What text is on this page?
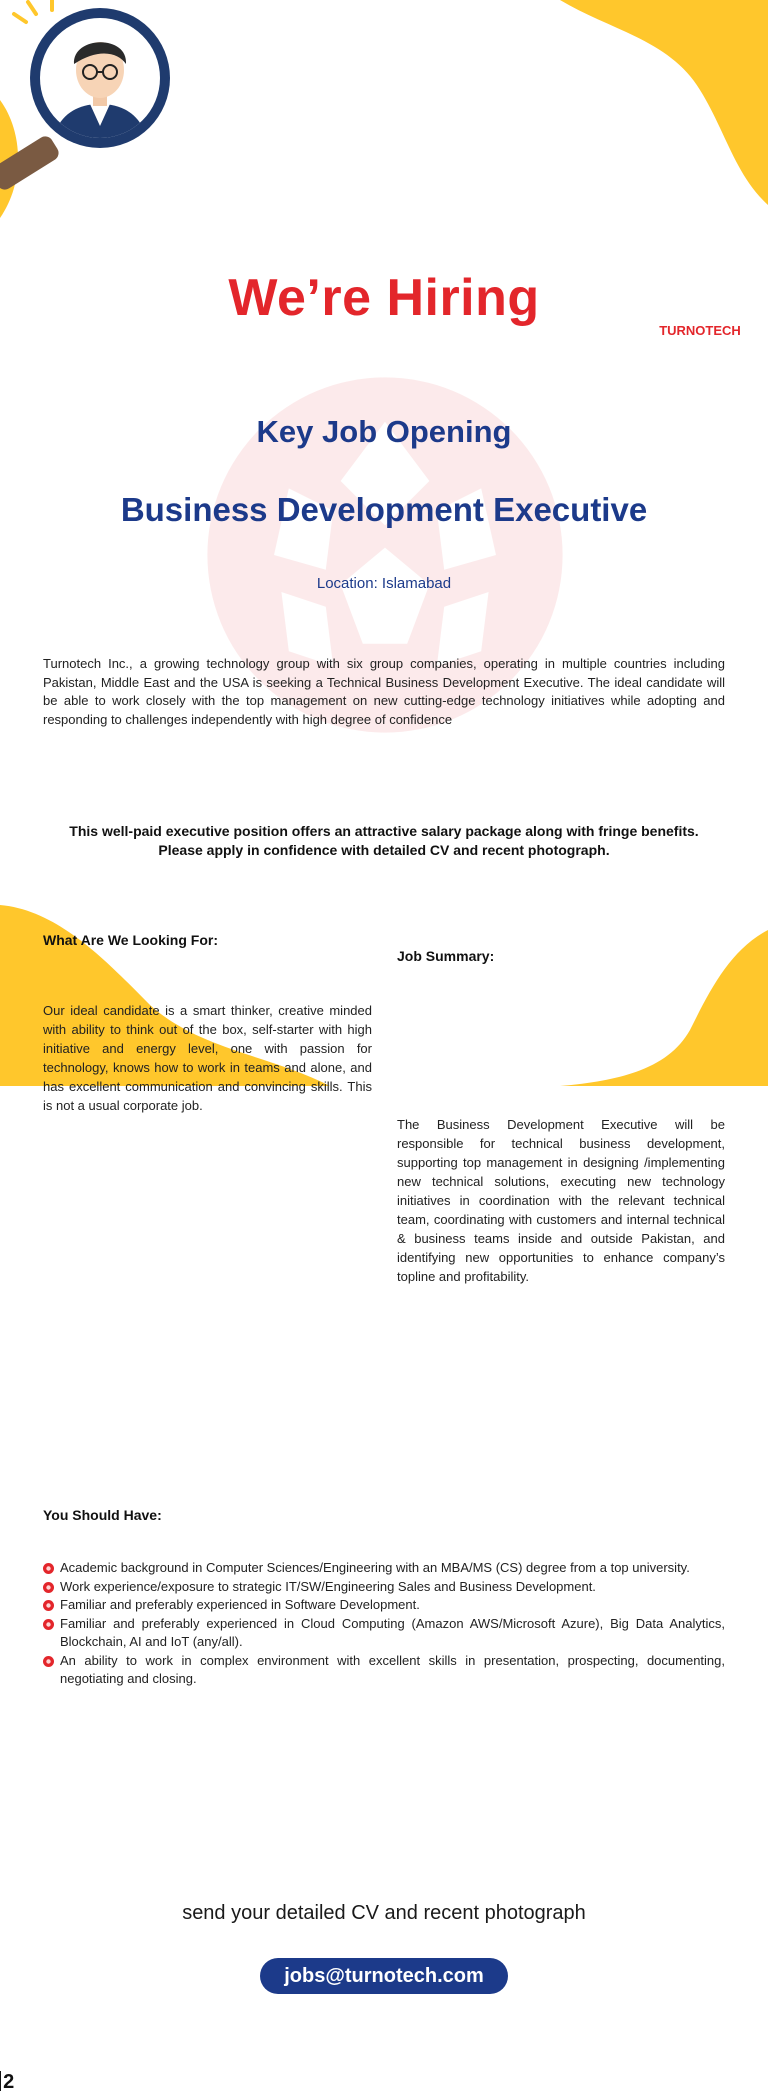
TURNOTECH
We’re Hiring
Key Job Opening
Business Development Executive
Location: Islamabad
Turnotech Inc., a growing technology group with six group companies, operating in multiple countries including Pakistan, Middle East and the USA is seeking a Technical Business Development Executive. The ideal candidate will be able to work closely with the top management on new cutting-edge technology initiatives while adopting and responding to challenges independently with high degree of confidence
This well-paid executive position offers an attractive salary package along with fringe benefits.
Please apply in confidence with detailed CV and recent photograph.
What Are We Looking For:
Job Summary:
Our ideal candidate is a smart thinker, creative minded with ability to think out of the box, self-starter with high initiative and energy level, one with passion for technology, knows how to work in teams and alone, and has excellent communication and convincing skills. This is not a usual corporate job.
The Business Development Executive will be responsible for technical business development, supporting top management in designing /implementing new technical solutions, executing new technology initiatives in coordination with the relevant technical team, coordinating with customers and internal technical & business teams inside and outside Pakistan, and identifying new opportunities to enhance company’s topline and profitability.
You Should Have:
Academic background in Computer Sciences/Engineering with an MBA/MS (CS) degree from a top university.
Work experience/exposure to strategic IT/SW/Engineering Sales and Business Development.
Familiar and preferably experienced in Software Development.
Familiar and preferably experienced in Cloud Computing (Amazon AWS/Microsoft Azure), Big Data Analytics, Blockchain, AI and IoT (any/all).
An ability to work in complex environment with excellent skills in presentation, prospecting, documenting, negotiating and closing.
send your detailed CV and recent photograph
jobs@turnotech.com
2
